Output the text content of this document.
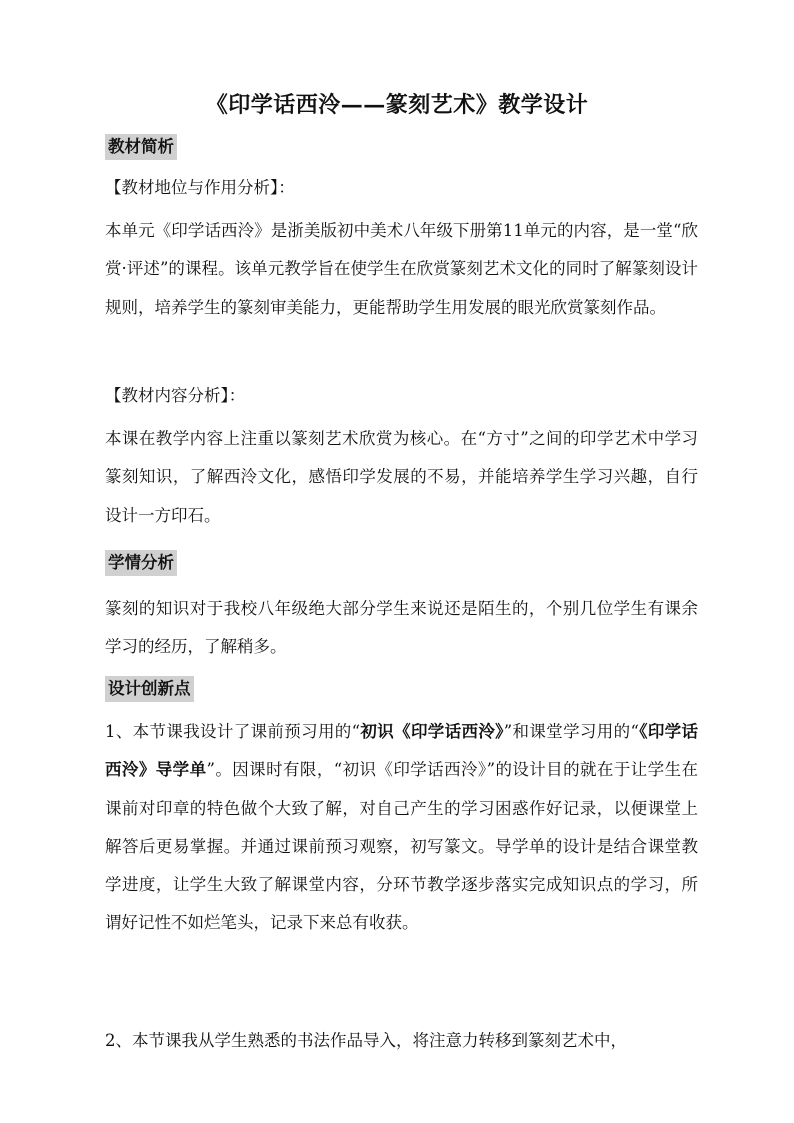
《印学话西泠——篆刻艺术》教学设计
教材简析
【教材地位与作用分析】：
本单元《印学话西泠》是浙美版初中美术八年级下册第11单元的内容，是一堂“欣赏·评述”的课程。该单元教学旨在使学生在欣赏篆刻艺术文化的同时了解篆刻设计规则，培养学生的篆刻审美能力，更能帮助学生用发展的眼光欣赏篆刻作品。
【教材内容分析】：
本课在教学内容上注重以篆刻艺术欣赏为核心。在“方寸”之间的印学艺术中学习篆刻知识，了解西泠文化，感悟印学发展的不易，并能培养学生学习兴趣，自行设计一方印石。
学情分析
篆刻的知识对于我校八年级绝大部分学生来说还是陌生的，个别几位学生有课余学习的经历，了解稍多。
设计创新点
1、本节课我设计了课前预习用的“初识《印学话西泠》”和课堂学习用的“《印学话西泠》导学单”。因课时有限，“初识《印学话西泠》”的设计目的就在于让学生在课前对印章的特色做个大致了解，对自己产生的学习困惑作好记录，以便课堂上解答后更易掌握。并通过课前预习观察，初写篆文。导学单的设计是结合课堂教学进度，让学生大致了解课堂内容，分环节教学逐步落实完成知识点的学习，所谓好记性不如烂笔头，记录下来总有收获。
2、本节课我从学生熟悉的书法作品导入，将注意力转移到篆刻艺术中，
